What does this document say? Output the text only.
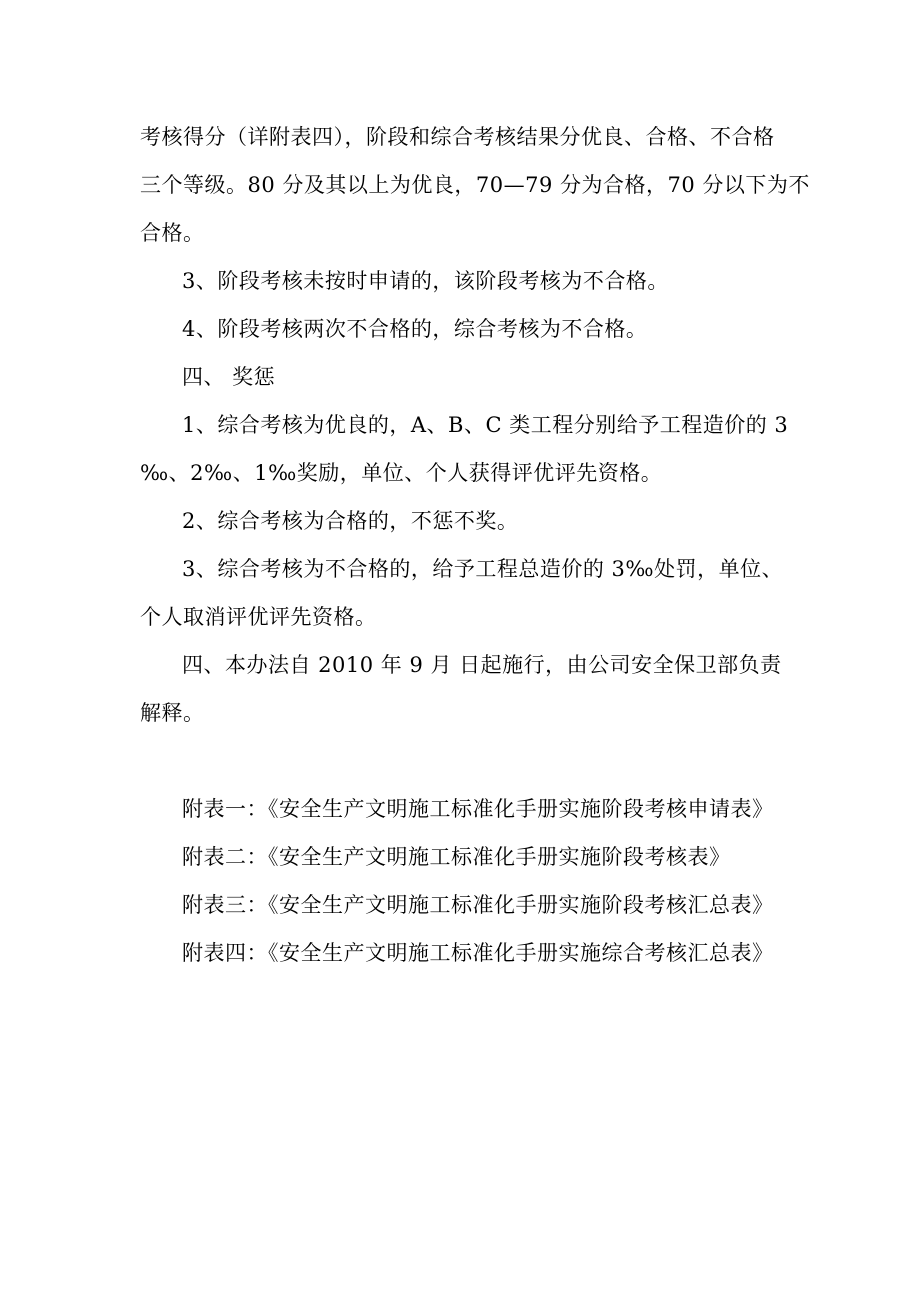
考核得分（详附表四），阶段和综合考核结果分优良、合格、不合格
三个等级。80 分及其以上为优良，70—79 分为合格，70 分以下为不
合格。
3、阶段考核未按时申请的，该阶段考核为不合格。
4、阶段考核两次不合格的，综合考核为不合格。
四、 奖惩
1、综合考核为优良的，A、B、C 类工程分别给予工程造价的 3
‰、2‰、1‰奖励，单位、个人获得评优评先资格。
2、综合考核为合格的，不惩不奖。
3、综合考核为不合格的，给予工程总造价的 3‰处罚，单位、
个人取消评优评先资格。
四、本办法自 2010 年 9 月 日起施行，由公司安全保卫部负责
解释。
附表一：《安全生产文明施工标准化手册实施阶段考核申请表》
附表二：《安全生产文明施工标准化手册实施阶段考核表》
附表三：《安全生产文明施工标准化手册实施阶段考核汇总表》
附表四：《安全生产文明施工标准化手册实施综合考核汇总表》
